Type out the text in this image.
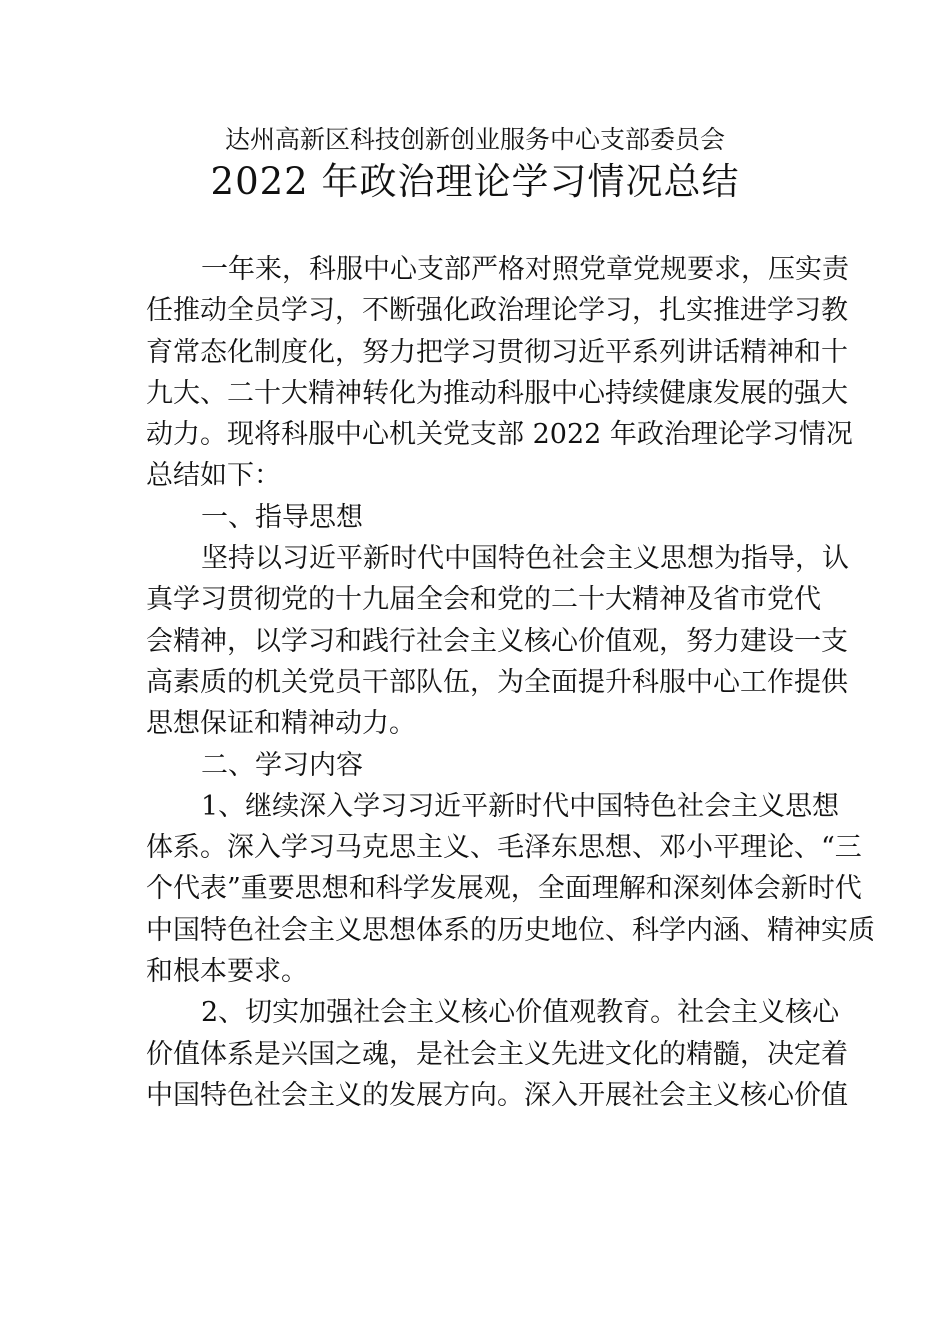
达州高新区科技创新创业服务中心支部委员会
2022 年政治理论学习情况总结
一年来，科服中心支部严格对照党章党规要求，压实责
任推动全员学习，不断强化政治理论学习，扎实推进学习教
育常态化制度化，努力把学习贯彻习近平系列讲话精神和十
九大、二十大精神转化为推动科服中心持续健康发展的强大
动力。现将科服中心机关党支部 2022 年政治理论学习情况
总结如下：
一、指导思想
坚持以习近平新时代中国特色社会主义思想为指导，认
真学习贯彻党的十九届全会和党的二十大精神及省市党代
会精神，以学习和践行社会主义核心价值观，努力建设一支
高素质的机关党员干部队伍，为全面提升科服中心工作提供
思想保证和精神动力。
二、学习内容
1、继续深入学习习近平新时代中国特色社会主义思想
体系。深入学习马克思主义、毛泽东思想、邓小平理论、“三
个代表”重要思想和科学发展观，全面理解和深刻体会新时代
中国特色社会主义思想体系的历史地位、科学内涵、精神实质
和根本要求。
2、切实加强社会主义核心价值观教育。社会主义核心
价值体系是兴国之魂，是社会主义先进文化的精髓，决定着
中国特色社会主义的发展方向。深入开展社会主义核心价值
